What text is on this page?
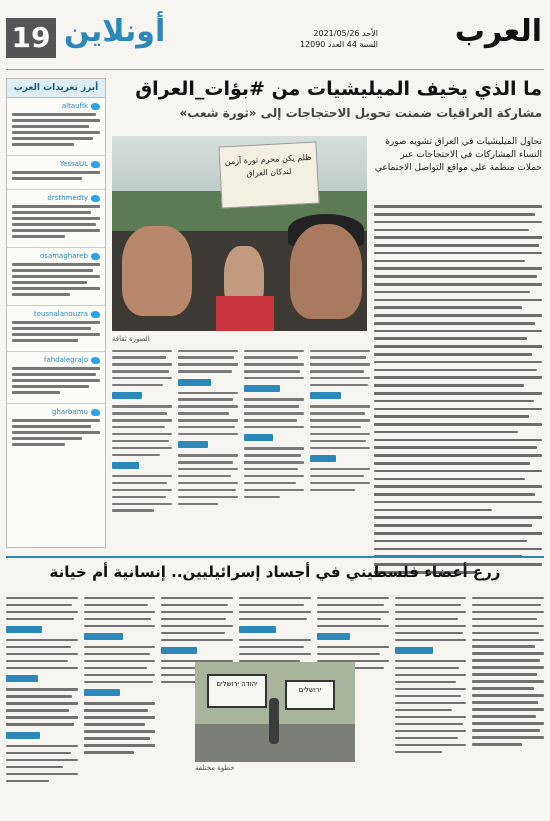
العرب
الأحد 2021/05/26
السنة 44 العدد 12090
أونلاين
19
أبرز تغريدات العرب
altaufik
YessaUL
drsthmedty
osamaghareb
tousnalanouzra
fahdalegrajo
gharbamu
ما الذي يخيف الميليشيات من #بؤات_العراق
مشاركة العراقيات ضمنت تحويل الاحتجاجات إلى «ثورة شعب»
ظلم يكن محرم ثورة آزمن لندكان العراق
الصورة ثقافة
تحاول الميليشيات في العراق تشويه صورة النساء المشاركات في الاحتجاجات عبر حملات منظمة على مواقع التواصل الاجتماعي
زرع أعضاء فلسطيني في أجساد إسرائيليين.. إنسانية أم خيانة
יהודה ירושלים
ירושלים
خطوة مختلفة
